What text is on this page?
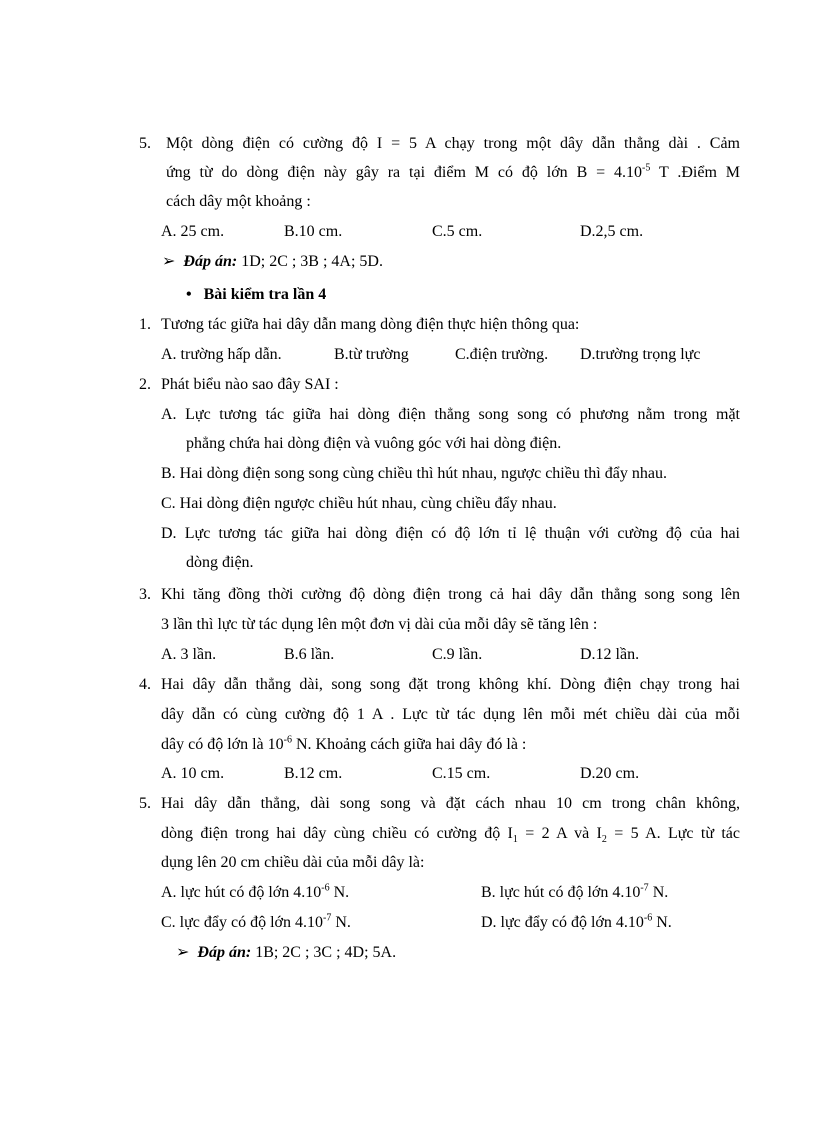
5. Một dòng điện có cường độ I = 5 A chạy trong một dây dẫn thẳng dài . Cảm
ứng từ do dòng điện này gây ra tại điểm M có độ lớn $B = 4.10^{-5}$ T .Điểm M
cách dây một khoảng :
A. 25 cm.	B.10 cm.	C.5 cm.	D.2,5 cm.
➢ Đáp án: 1D; 2C ; 3B ; 4A; 5D.
• Bài kiểm tra lần 4
1. Tương tác giữa hai dây dẫn mang dòng điện thực hiện thông qua:
A. trường hấp dẫn.	B.từ trường	C.điện trường. D.trường trọng lực
2. Phát biểu nào sao đây SAI :
A. Lực tương tác giữa hai dòng điện thẳng song song có phương nằm trong mặt
phẳng chứa hai dòng điện và vuông góc với hai dòng điện.
B. Hai dòng điện song song cùng chiều thì hút nhau, ngược chiều thì đẩy nhau.
C. Hai dòng điện ngược chiều hút nhau, cùng chiều đẩy nhau.
D. Lực tương tác giữa hai dòng điện có độ lớn tỉ lệ thuận với cường độ của hai
dòng điện.
3. Khi tăng đồng thời cường độ dòng điện trong cả hai dây dẫn thẳng song song lên
3 lần thì lực từ tác dụng lên một đơn vị dài của mỗi dây sẽ tăng lên :
A. 3 lần.	B.6 lần.	C.9 lần.	D.12 lần.
4. Hai dây dẫn thẳng dài, song song đặt trong không khí. Dòng điện chạy trong hai
dây dẫn có cùng cường độ 1 A . Lực từ tác dụng lên mỗi mét chiều dài của mỗi
dây có độ lớn là $10^{-6}$ N. Khoảng cách giữa hai dây đó là :
A. 10 cm.	B.12 cm.	C.15 cm.	D.20 cm.
5. Hai dây dẫn thẳng, dài song song và đặt cách nhau 10 cm trong chân không,
dòng điện trong hai dây cùng chiều có cường độ $I_1 = 2$ A và $I_2 = 5$ A. Lực từ tác
dụng lên 20 cm chiều dài của mỗi dây là:
A. lực hút có độ lớn $4.10^{-6}$ N.	B. lực hút có độ lớn $4.10^{-7}$ N.
C. lực đẩy có độ lớn $4.10^{-7}$ N.	D. lực đẩy có độ lớn $4.10^{-6}$ N.
➢ Đáp án: 1B; 2C ; 3C ; 4D; 5A.
